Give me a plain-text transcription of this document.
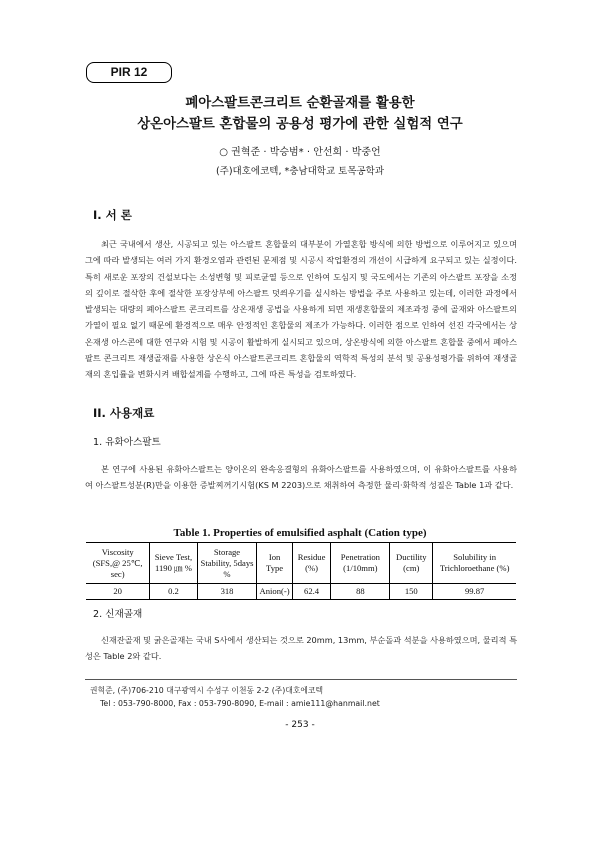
PIR 12
폐아스팔트콘크리트 순환골재를 활용한
상온아스팔트 혼합물의 공용성 평가에 관한 실험적 연구
○ 권혁준 · 박승범* · 안선희 · 박중언
(주)대호에코텍, *충남대학교 토목공학과
I. 서 론

최근 국내에서 생산, 시공되고 있는 아스팔트 혼합물의 대부분이 가열혼합 방식에 의한 방법으로 이루어지고 있으며 그에 따라 발생되는 여러 가지 환경오염과 관련된 문제점 및 시공시 작업환경의 개선이 시급하게 요구되고 있는 실정이다. 특히 새로운 포장의 건설보다는 소성변형 및 피로균열 등으로 인하여 도심지 및 국도에서는 기존의 아스팔트 포장을 소정의 깊이로 절삭한 후에 절삭한 포장상부에 아스팔트 덧씌우기를 실시하는 방법을 주로 사용하고 있는데, 이러한 과정에서 발생되는 대량의 폐아스팔트 콘크리트를 상온재생 공법을 사용하게 되면 재생혼합물의 제조과정 중에 골재와 아스팔트의 가열이 필요 없기 때문에 환경적으로 매우 안정적인 혼합물의 제조가 가능하다. 이러한 점으로 인하여 선진 각국에서는 상온재생 아스콘에 대한 연구와 시험 및 시공이 활발하게 실시되고 있으며, 상온방식에 의한 아스팔트 혼합물 중에서 폐아스팔트 콘크리트 재생골재를 사용한 상온식 아스팔트콘크리트 혼합물의 역학적 특성의 분석 및 공용성평가를 위하여 재생골재의 혼입률을 변화시켜 배합설계를 수행하고, 그에 따른 특성을 검토하였다.

II. 사용재료
1. 유화아스팔트

본 연구에 사용된 유화아스팔트는 양이온의 완속응결형의 유화아스팔트를 사용하였으며, 이 유화아스팔트를 사용하여 아스팔트성분(R)만을 이용한 증발찌꺼기시험(KS M 2203)으로 채취하여 측정한 물리·화학적 성질은 Table 1과 같다.

Table 1. Properties of emulsified asphalt (Cation type)
Viscosity (SFS,@ 25℃, sec)	Sieve Test, 1190 ㎛ %	Storage Stability, 5days %	Ion Type	Residue (%)	Penetration (1/10mm)	Ductility (cm)	Solubility in Trichloroethane (%)
20	0.2	318	Anion(-)	62.4	88	150	99.87
2. 신재골재

신재잔골재 및 굵은골재는 국내 S사에서 생산되는 것으로 20mm, 13mm, 부순돌과 석분을 사용하였으며, 물리적 특성은 Table 2와 같다.

권혁준, (주)706-210 대구광역시 수성구 이천동 2-2 (주)대호에코텍
Tel : 053-790-8000, Fax : 053-790-8090, E-mail : amie111@hanmail.net
- 253 -
